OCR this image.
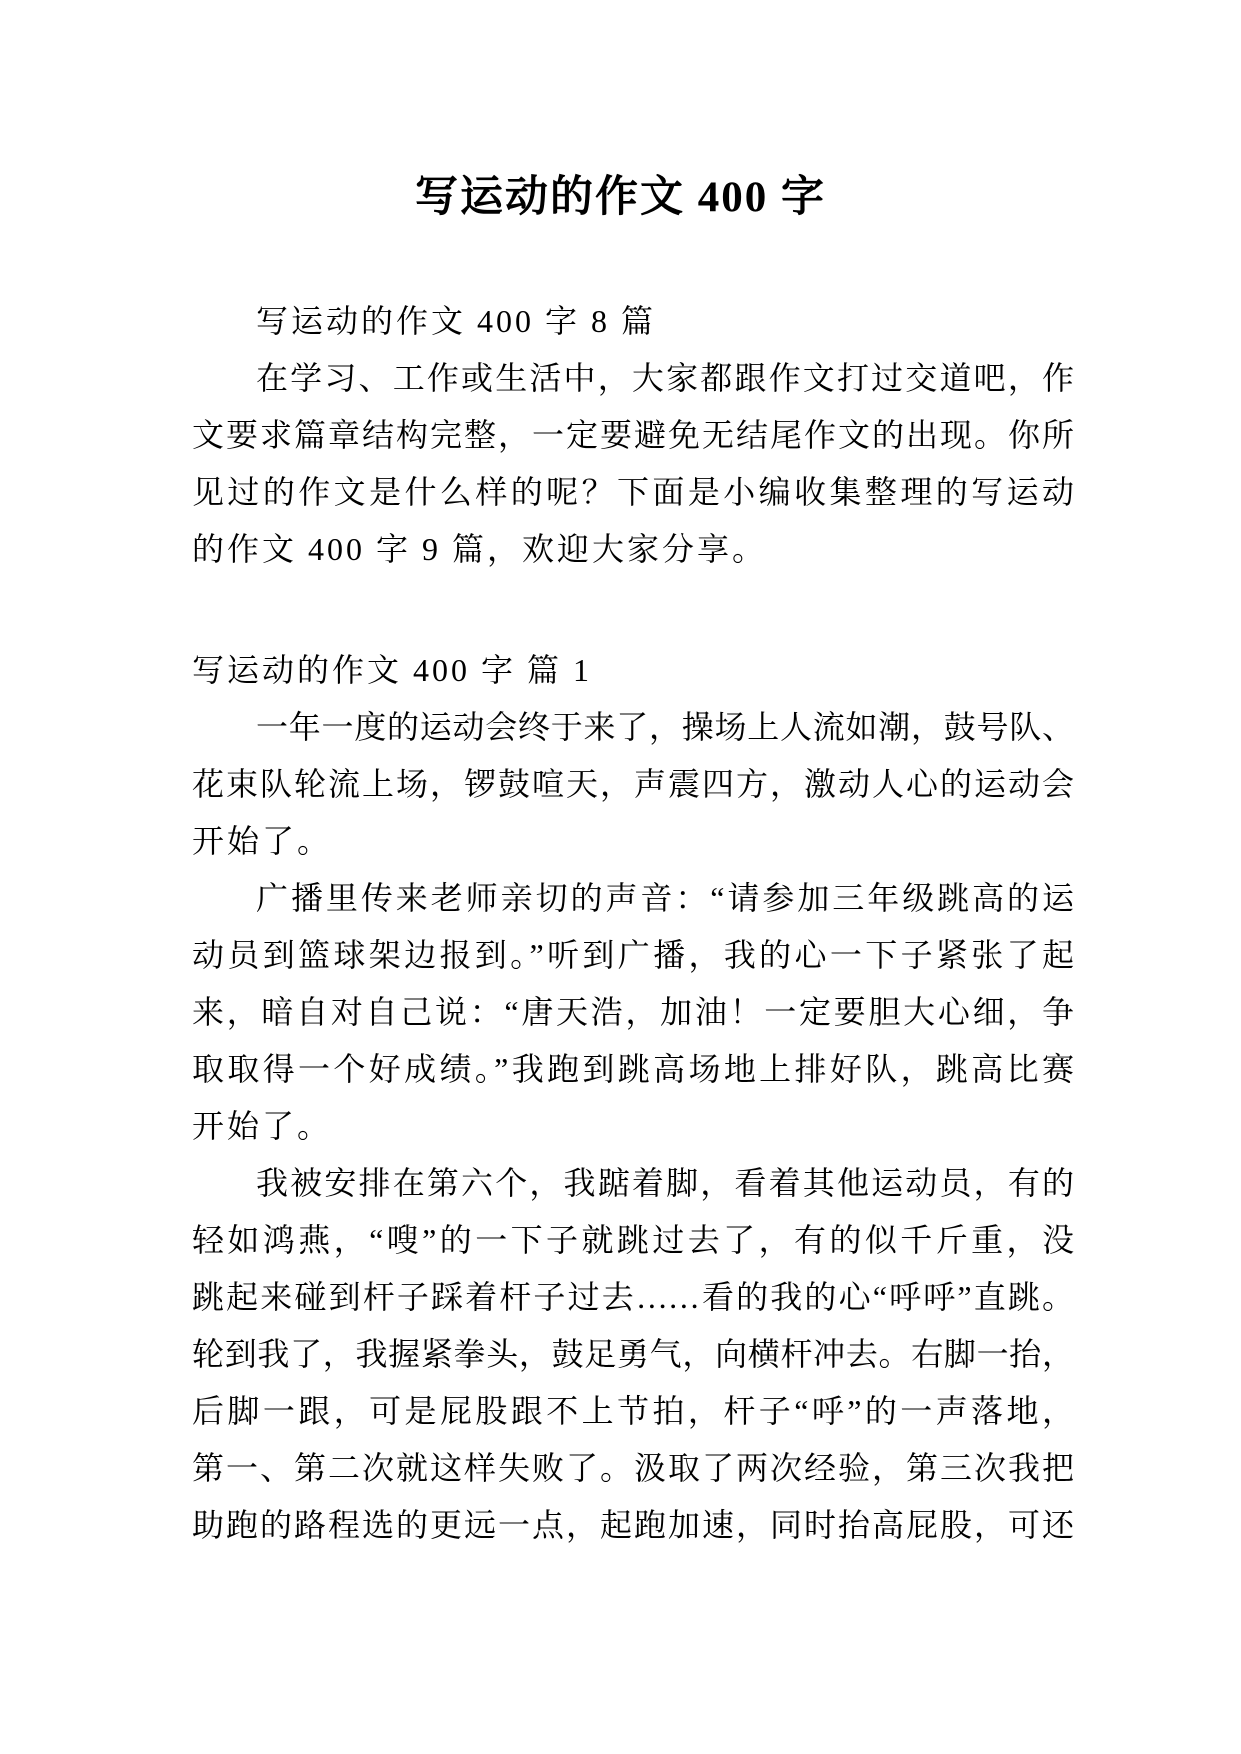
写运动的作文 400 字
写运动的作文 400 字 8 篇
在学习、工作或生活中，大家都跟作文打过交道吧，作
文要求篇章结构完整，一定要避免无结尾作文的出现。你所
见过的作文是什么样的呢？下面是小编收集整理的写运动
的作文 400 字 9 篇，欢迎大家分享。
写运动的作文 400 字 篇 1
一年一度的运动会终于来了，操场上人流如潮，鼓号队、
花束队轮流上场，锣鼓喧天，声震四方，激动人心的运动会
开始了。
广播里传来老师亲切的声音：“请参加三年级跳高的运
动员到篮球架边报到。”听到广播，我的心一下子紧张了起
来，暗自对自己说：“唐天浩，加油！一定要胆大心细，争
取取得一个好成绩。”我跑到跳高场地上排好队，跳高比赛
开始了。
我被安排在第六个，我踮着脚，看着其他运动员，有的
轻如鸿燕，“嗖”的一下子就跳过去了，有的似千斤重，没
跳起来碰到杆子踩着杆子过去……看的我的心“呼呼”直跳。
轮到我了，我握紧拳头，鼓足勇气，向横杆冲去。右脚一抬，
后脚一跟，可是屁股跟不上节拍，杆子“呼”的一声落地，
第一、第二次就这样失败了。汲取了两次经验，第三次我把
助跑的路程选的更远一点，起跑加速，同时抬高屁股，可还
